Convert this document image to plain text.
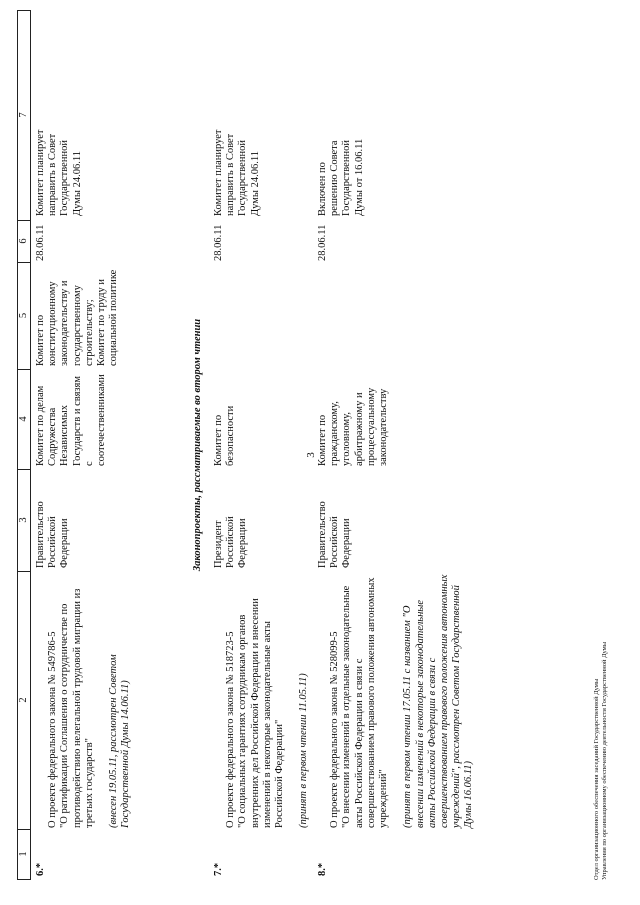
3
1
2
3
4
5
6
7
6.*

О проекте федерального закона № 549786-5
"О ратификации Соглашения о сотрудничестве по противодействию нелегальной трудовой миграции из третьих государств" (внесен 19.05.11, рассмотрен Советом Государственной Думы 14.06.11)

Правительство Российской Федерации
Комитет по делам Содружества Независимых Государств и связям с соотечественниками
Комитет по конституционному законодательству и государственному строительству;
Комитет по труду и социальной политике
28.06.11
Комитет планирует направить в Совет Государственной Думы 24.06.11
Законопроекты, рассматриваемые во втором чтении
7.*

О проекте федерального закона № 518723-5
"О социальных гарантиях сотрудникам органов внутренних дел Российской Федерации и внесении изменений в некоторые законодательные акты Российской Федерации" (принят в первом чтении 11.05.11)

Президент Российской Федерации
Комитет по безопасности
28.06.11
Комитет планирует направить в Совет Государственной Думы 24.06.11
8.*

О проекте федерального закона № 528099-5
"О внесении изменений в отдельные законодательные акты Российской Федерации в связи с совершенствованием правового положения автономных учреждений" (принят в первом чтении 17.05.11 с названием "О внесении изменений в некоторые законодательные акты Российской Федерации в связи с совершенствованием правового положения автономных учреждений", рассмотрен Советом Государственной Думы 16.06.11)

Правительство Российской Федерации
Комитет по гражданскому, уголовному, арбитражному и процессуальному законодательству
28.06.11
Включен по решению Совета Государственной Думы от 16.06.11
Отдел организационного обеспечения заседаний Государственной Думы Управления по организационному обеспечению деятельности Государственной Думы
